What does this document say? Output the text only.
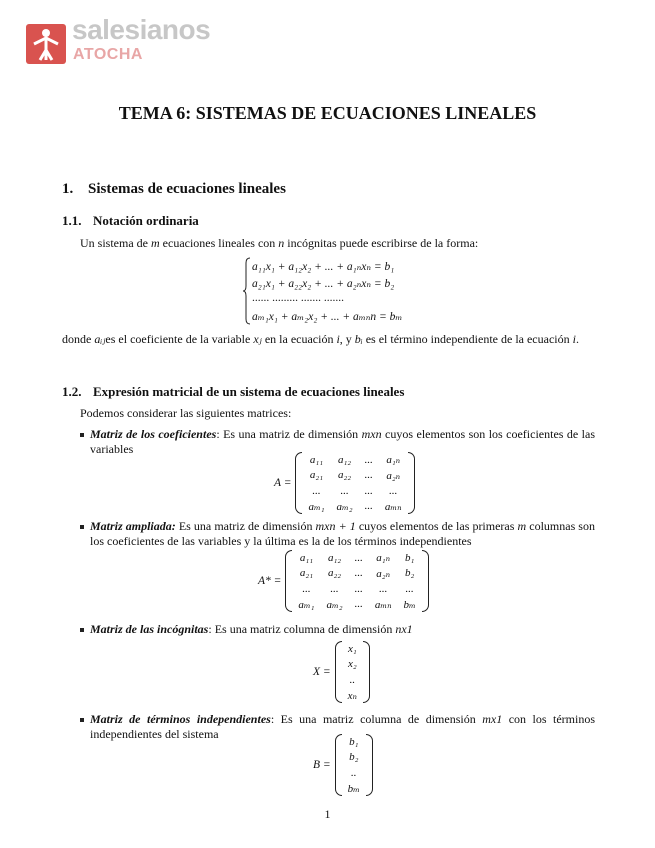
salesianos
ATOCHA
TEMA 6: SISTEMAS DE ECUACIONES LINEALES
1. Sistemas de ecuaciones lineales
1.1. Notación ordinaria
Un sistema de m ecuaciones lineales con n incógnitas puede escribirse de la forma:
a₁₁x₁ + a₁₂x₂ + ... + a₁ₙxₙ = b₁
a₂₁x₁ + a₂₂x₂ + ... + a₂ₙxₙ = b₂
...... ......... ....... .......
aₘ₁x₁ + aₘ₂x₂ + ... + aₘₙn = bₘ
donde aᵢⱼes el coeficiente de la variable xⱼ en la ecuación i, y bᵢ es el término independiente de la ecuación i.
1.2. Expresión matricial de un sistema de ecuaciones lineales
Podemos considerar las siguientes matrices:
Matriz de los coeficientes: Es una matriz de dimensión mxn cuyos elementos son los coeficientes de las variables
A =
a₁₁	a₁₂	...	a₁ₙ
a₂₁	a₂₂	...	a₂ₙ
...	...	...	...
aₘ₁	aₘ₂	...	aₘₙ
Matriz ampliada: Es una matriz de dimensión mxn + 1 cuyos elementos de las primeras m columnas son los coeficientes de las variables y la última es la de los términos independientes
A* =
a₁₁	a₁₂	...	a₁ₙ	b₁
a₂₁	a₂₂	...	a₂ₙ	b₂
...	...	...	...	...
aₘ₁	aₘ₂	...	aₘₙ	bₘ
Matriz de las incógnitas: Es una matriz columna de dimensión nx1
X =
x₁
x₂
..
xₙ
Matriz de términos independientes: Es una matriz columna de dimensión mx1 con los términos independientes del sistema
B =
b₁
b₂
..
bₘ
1
